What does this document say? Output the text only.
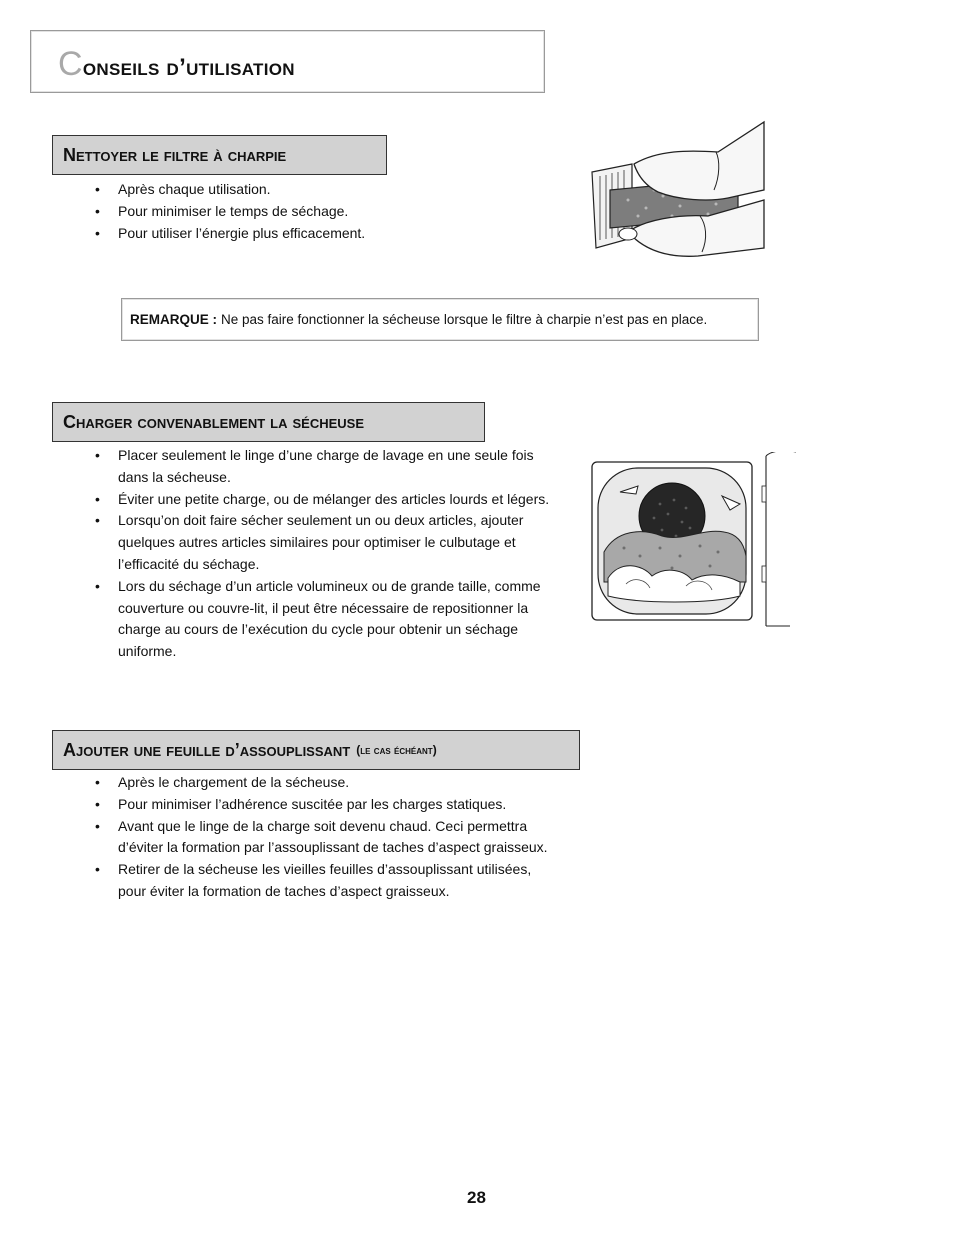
Conseils d’utilisation
Nettoyer le filtre à charpie
• Après chaque utilisation.
• Pour minimiser le temps de séchage.
• Pour utiliser l’énergie plus efficacement.
REMARQUE : Ne pas faire fonctionner la sécheuse lorsque le filtre à charpie n’est pas en place.
Charger convenablement la sécheuse
• Placer seulement le linge d’une charge de lavage en une seule fois dans la sécheuse.
• Éviter une petite charge, ou de mélanger des articles lourds et légers.
• Lorsqu’on doit faire sécher seulement un ou deux articles, ajouter quelques autres articles similaires pour optimiser le culbutage et l’efficacité du séchage.
• Lors du séchage d’un article volumineux ou de grande taille, comme couverture ou couvre-lit, il peut être nécessaire de repositionner la charge au cours de l’exécution du cycle pour obtenir un séchage uniforme.
Ajouter une feuille d’assouplissant (le cas échéant)
• Après le chargement de la sécheuse.
• Pour minimiser l’adhérence suscitée par les charges statiques.
• Avant que le linge de la charge soit devenu chaud. Ceci permettra d’éviter la formation par l’assouplissant de taches d’aspect graisseux.
• Retirer de la sécheuse les vieilles feuilles d’assouplissant utilisées, pour éviter la formation de taches d’aspect graisseux.
28
